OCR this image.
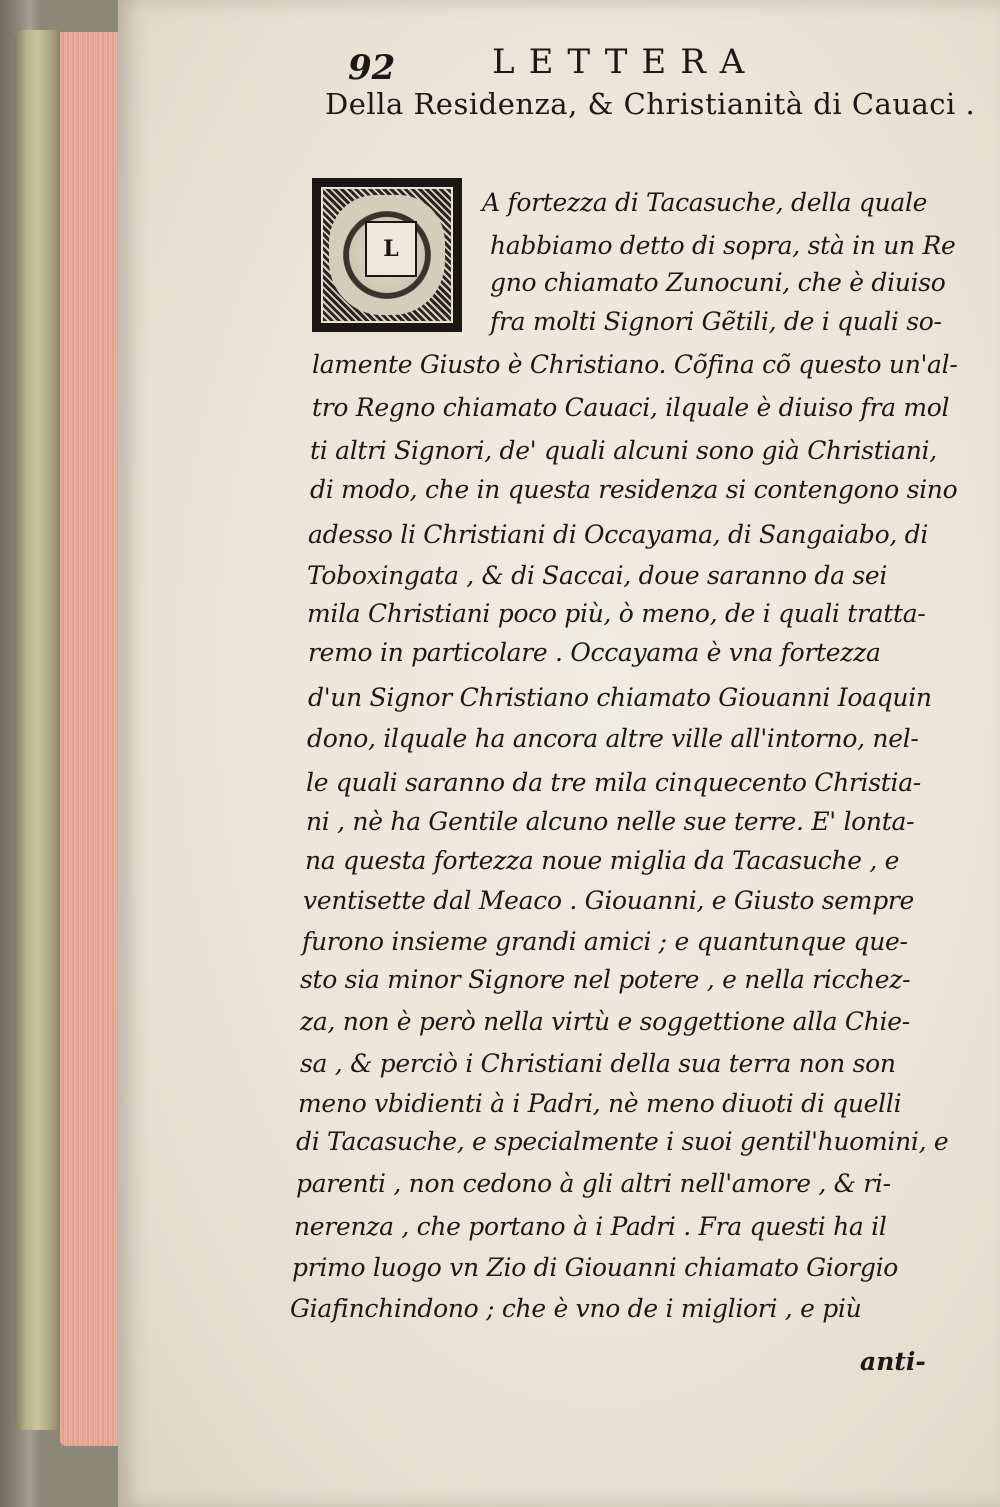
92	LETTERA
Della Residenza, & Christianità di Cauaci .
L
A fortezza di Tacasuche, della quale
habbiamo detto di sopra, stà in un Re
gno chiamato Zunocuni, che è diuiso
fra molti Signori Gẽtili, de i quali so-
lamente Giusto è Christiano. Cõfina cõ questo un'al-
tro Regno chiamato Cauaci, ilquale è diuiso fra mol
ti altri Signori, de' quali alcuni sono già Christiani,
di modo, che in questa residenza si contengono sino
adesso li Christiani di Occayama, di Sangaiabo, di
Toboxingata , & di Saccai, doue saranno da sei
mila Christiani poco più, ò meno, de i quali tratta-
remo in particolare . Occayama è vna fortezza
d'un Signor Christiano chiamato Giouanni Ioaquin
dono, ilquale ha ancora altre ville all'intorno, nel-
le quali saranno da tre mila cinquecento Christia-
ni , nè ha Gentile alcuno nelle sue terre. E' lonta-
na questa fortezza noue miglia da Tacasuche , e
ventisette dal Meaco . Giouanni, e Giusto sempre
furono insieme grandi amici ; e quantunque que-
sto sia minor Signore nel potere , e nella ricchez-
za, non è però nella virtù e soggettione alla Chie-
sa , & perciò i Christiani della sua terra non son
meno vbidienti à i Padri, nè meno diuoti di quelli
di Tacasuche, e specialmente i suoi gentil'huomini, e
parenti , non cedono à gli altri nell'amore , & ri-
nerenza , che portano à i Padri . Fra questi ha il
primo luogo vn Zio di Giouanni chiamato Giorgio
Giafinchindono ; che è vno de i migliori , e più
anti-
